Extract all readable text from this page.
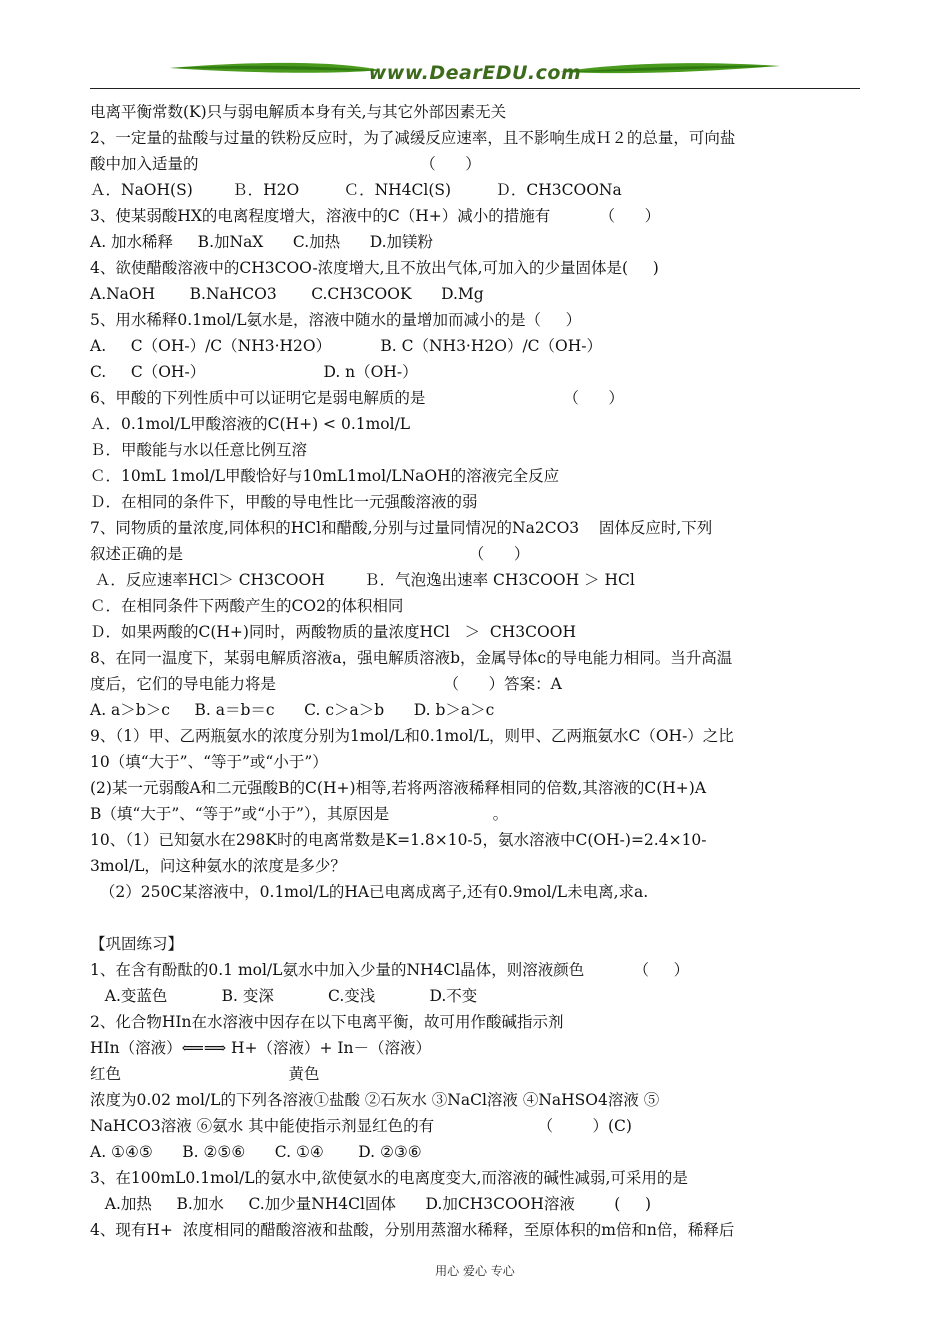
www.DearEDU.com
电离平衡常数(K)只与弱电解质本身有关,与其它外部因素无关
2、一定量的盐酸与过量的铁粉反应时，为了减缓反应速率，且不影响生成Ｈ２的总量，可向盐
酸中加入适量的                                             （      ）
Ａ．NaOH(S)        Ｂ．H2O         Ｃ．NH4Cl(S)         Ｄ．CH3COONa
3、使某弱酸HX的电离程度增大，溶液中的C（H+）减小的措施有          （      ）
A. 加水稀释     B.加NaX      C.加热      D.加镁粉
4、欲使醋酸溶液中的CH3COO-浓度增大,且不放出气体,可加入的少量固体是(     )
A.NaOH       B.NaHCO3       C.CH3COOK      D.Mg
5、用水稀释0.1mol/L氨水是，溶液中随水的量增加而减小的是（     ）
A.     C（OH-）/C（NH3·H2O）          B. C（NH3·H2O）/C（OH-）
C.     C（OH-）                        D. n（OH-）
6、甲酸的下列性质中可以证明它是弱电解质的是                            （      ）
Ａ．0.1mol/L甲酸溶液的C(H+) < 0.1mol/L
Ｂ．甲酸能与水以任意比例互溶
Ｃ．10mL 1mol/L甲酸恰好与10mL1mol/LNaOH的溶液完全反应
Ｄ．在相同的条件下，甲酸的导电性比一元强酸溶液的弱
7、同物质的量浓度,同体积的HCl和醋酸,分别与过量同情况的Na2CO3    固体反应时,下列
叙述正确的是                                                          （      ）
Ａ．反应速率HCl＞ CH3COOH        Ｂ．气泡逸出速率 CH3COOH ＞ HCl
Ｃ．在相同条件下两酸产生的CO2的体积相同
Ｄ．如果两酸的C(H+)同时，两酸物质的量浓度HCl   ＞  CH3COOH
8、在同一温度下，某弱电解质溶液a，强电解质溶液b，金属导体c的导电能力相同。当升高温
度后，它们的导电能力将是                                  （      ）答案：A
A. a＞b＞c     B. a＝b＝c      C. c＞a＞b      D. b＞a＞c
9、（1）甲、乙两瓶氨水的浓度分别为1mol/L和0.1mol/L，则甲、乙两瓶氨水C（OH-）之比
10（填“大于”、“等于”或“小于”）
(2)某一元弱酸A和二元强酸B的C(H+)相等,若将两溶液稀释相同的倍数,其溶液的C(H+)A
B（填“大于”、“等于”或“小于”），其原因是                     。
10、（1）已知氨水在298K时的电离常数是K=1.8×10-5，氨水溶液中C(OH-)=2.4×10-
3mol/L，问这种氨水的浓度是多少？
（2）250C某溶液中，0.1mol/L的HA已电离成离子,还有0.9mol/L未电离,求a.
【巩固练习】
1、在含有酚酞的0.1 mol/L氨水中加入少量的NH4Cl晶体，则溶液颜色          （     ）
A.变蓝色           B. 变深           C.变浅           D.不变
2、化合物HIn在水溶液中因存在以下电离平衡，故可用作酸碱指示剂
HIn（溶液）⟸⟹ H+（溶液）+ In－（溶液）
红色                                  黄色
浓度为0.02 mol/L的下列各溶液①盐酸 ②石灰水 ③NaCl溶液 ④NaHSO4溶液 ⑤
NaHCO3溶液 ⑥氨水 其中能使指示剂显红色的有                     （        ）(C)
A. ①④⑤      B. ②⑤⑥      C. ①④       D. ②③⑥
3、在100mL0.1mol/L的氨水中,欲使氨水的电离度变大,而溶液的碱性减弱,可采用的是
A.加热     B.加水     C.加少量NH4Cl固体      D.加CH3COOH溶液        (     )
4、现有H+  浓度相同的醋酸溶液和盐酸，分别用蒸溜水稀释，至原体积的m倍和n倍，稀释后
用心 爱心 专心
